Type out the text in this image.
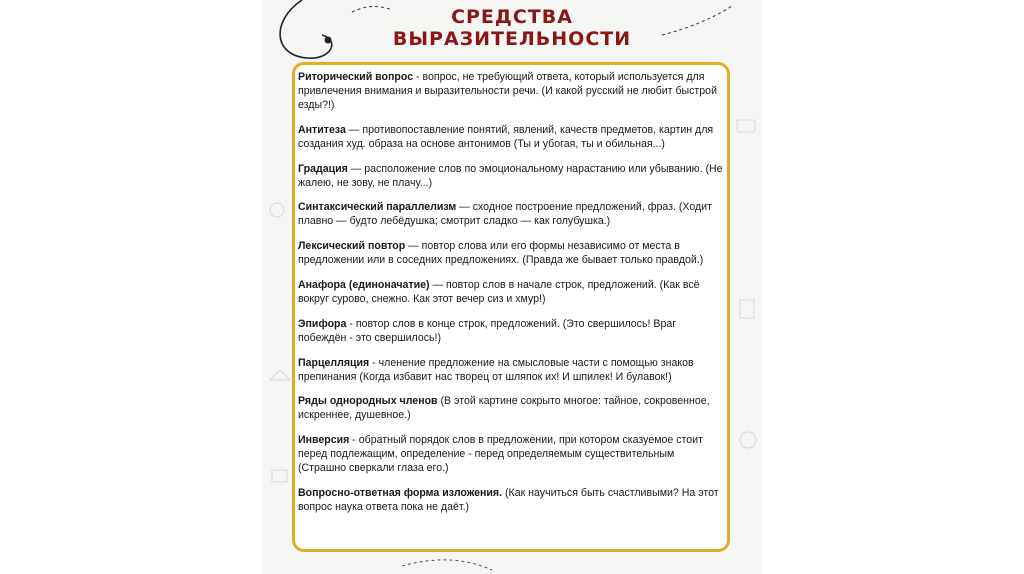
СРЕДСТВА
ВЫРАЗИТЕЛЬНОСТИ

Риторический вопрос - вопрос, не требующий ответа, который используется для привлечения внимания и выразительности речи. (И какой русский не любит быстрой езды?!)

Антитеза — противопоставление понятий, явлений, качеств предметов, картин для создания худ. образа на основе антонимов (Ты и убогая, ты и обильная...)

Градация — расположение слов по эмоциональному нарастанию или убыванию. (Не жалею, не зову, не плачу...)

Синтаксический параллелизм — сходное построение предложений, фраз. (Ходит плавно — будто лебёдушка; смотрит сладко — как голубушка.)

Лексический повтор — повтор слова или его формы независимо от места в предложении или в соседних предложениях. (Правда же бывает только правдой.)

Анафора (единоначатие) — повтор слов в начале строк, предложений. (Как всё вокруг сурово, снежно. Как этот вечер сиз и хмур!)

Эпифора - повтор слов в конце строк, предложений. (Это свершилось! Враг побеждён - это свершилось!)

Парцелляция - членение предложение на смысловые части с помощью знаков препинания (Когда избавит нас творец от шляпок их! И шпилек! И булавок!)

Ряды однородных членов (В этой картине сокрыто многое: тайное, сокровенное, искреннее, душевное.)

Инверсия - обратный порядок слов в предложении, при котором сказуемое стоит перед подлежащим, определение - перед определяемым существительным (Страшно сверкали глаза его.)

Вопросно-ответная форма изложения. (Как научиться быть счастливыми? На этот вопрос наука ответа пока не даёт.)
